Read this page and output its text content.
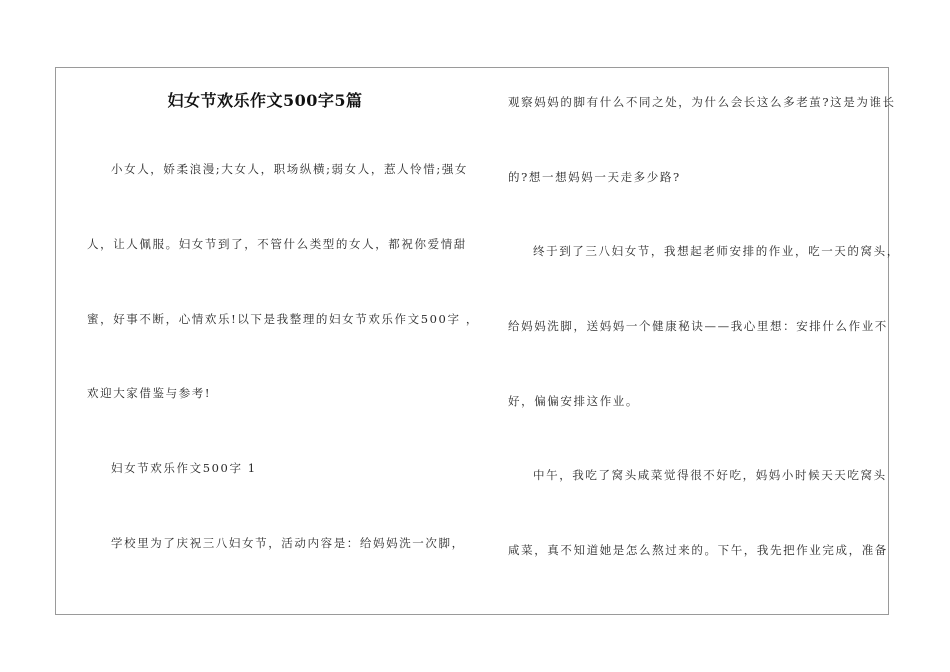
妇女节欢乐作文500字5篇
小女人，娇柔浪漫;大女人，职场纵横;弱女人，惹人怜惜;强女
人，让人佩服。妇女节到了，不管什么类型的女人，都祝你爱情甜
蜜，好事不断，心情欢乐!以下是我整理的妇女节欢乐作文500字 ，
欢迎大家借鉴与参考!
妇女节欢乐作文500字 1
学校里为了庆祝三八妇女节，活动内容是：给妈妈洗一次脚，
观察妈妈的脚有什么不同之处，为什么会长这么多老茧?这是为谁长
的?想一想妈妈一天走多少路?
终于到了三八妇女节，我想起老师安排的作业，吃一天的窝头，
给妈妈洗脚，送妈妈一个健康秘诀——我心里想：安排什么作业不
好，偏偏安排这作业。
中午，我吃了窝头咸菜觉得很不好吃，妈妈小时候天天吃窝头
咸菜，真不知道她是怎么熬过来的。下午，我先把作业完成，准备
